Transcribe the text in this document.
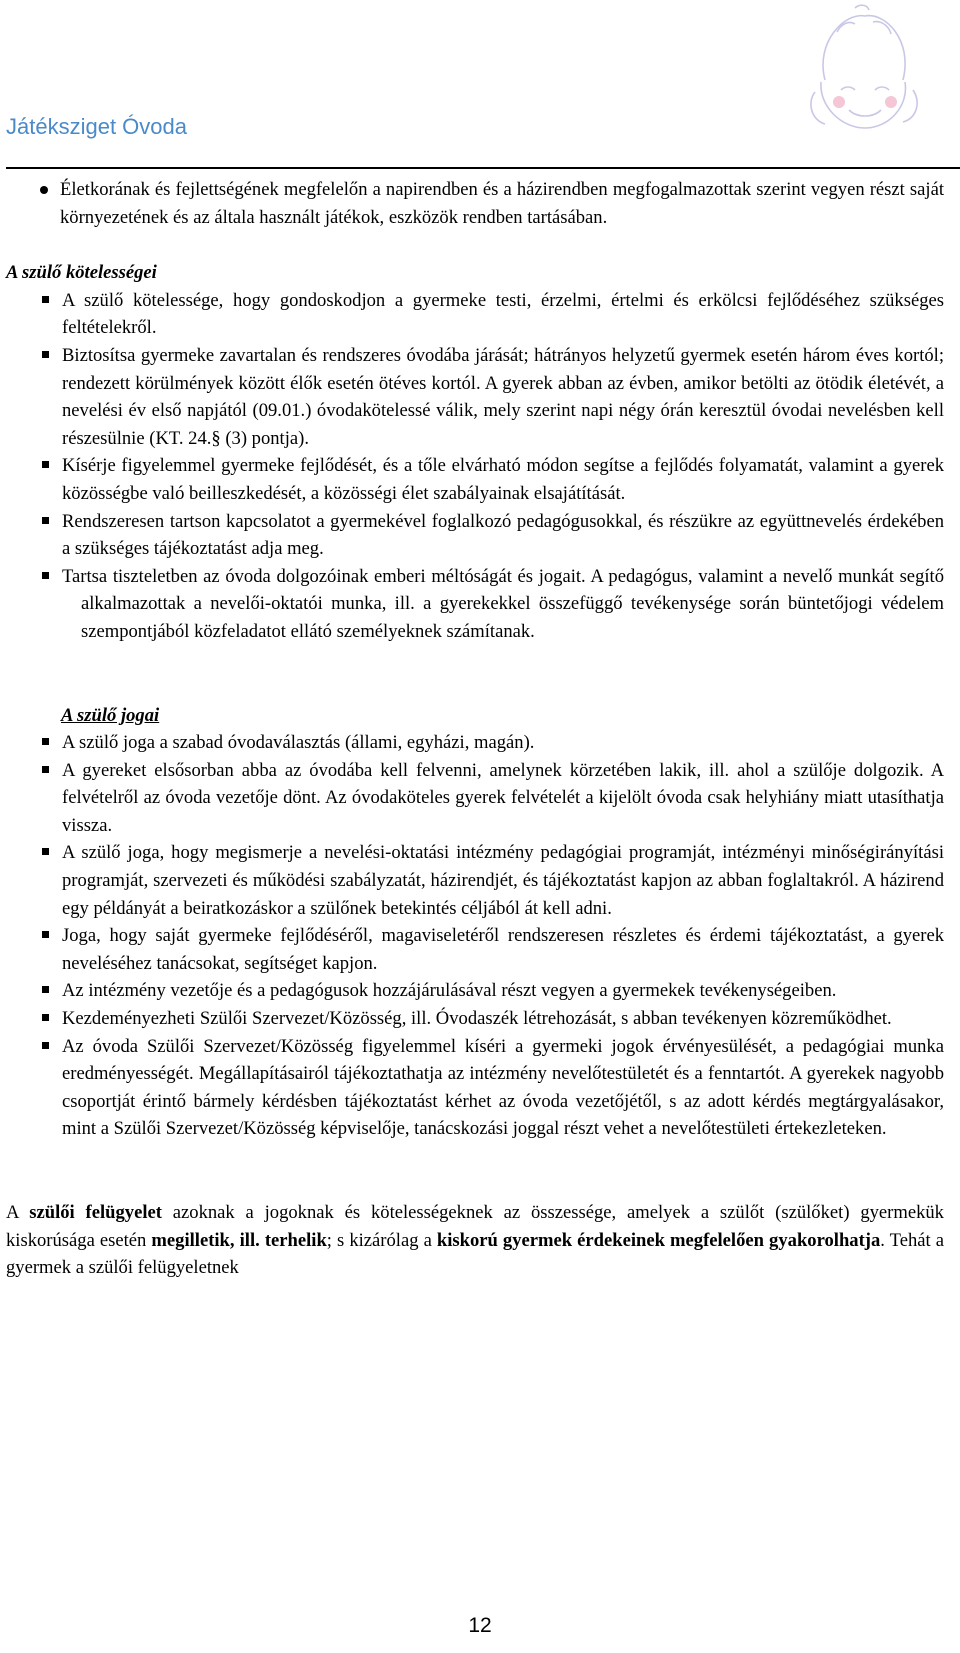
Játéksziget Óvoda

Életkorának és fejlettségének megfelelőn a napirendben és a házirendben megfogalmazottak szerint vegyen részt saját környezetének és az általa használt játékok, eszközök rendben tartásában.

A szülő kötelességei

A szülő kötelessége, hogy gondoskodjon a gyermeke testi, érzelmi, értelmi és erkölcsi fejlődéséhez szükséges feltételekről.

Biztosítsa gyermeke zavartalan és rendszeres óvodába járását; hátrányos helyzetű gyermek esetén három éves kortól; rendezett körülmények között élők esetén ötéves kortól. A gyerek abban az évben, amikor betölti az ötödik életévét, a nevelési év első napjától (09.01.) óvodakötelessé válik, mely szerint napi négy órán keresztül óvodai nevelésben kell részesülnie (KT. 24.§ (3) pontja).

Kísérje figyelemmel gyermeke fejlődését, és a tőle elvárható módon segítse a fejlődés folyamatát, valamint a gyerek közösségbe való beilleszkedését, a közösségi élet szabályainak elsajátítását.

Rendszeresen tartson kapcsolatot a gyermekével foglalkozó pedagógusokkal, és részükre az együttnevelés érdekében a szükséges tájékoztatást adja meg.

Tartsa tiszteletben az óvoda dolgozóinak emberi méltóságát és jogait. A pedagógus, valamint a nevelő munkát segítő alkalmazottak a nevelői-oktatói munka, ill. a gyerekekkel összefüggő tevékenysége során büntetőjogi védelem szempontjából közfeladatot ellátó személyeknek számítanak.

A szülő jogai

A szülő joga a szabad óvodaválasztás (állami, egyházi, magán).

A gyereket elsősorban abba az óvodába kell felvenni, amelynek körzetében lakik, ill. ahol a szülője dolgozik. A felvételről az óvoda vezetője dönt. Az óvodaköteles gyerek felvételét a kijelölt óvoda csak helyhiány miatt utasíthatja vissza.

A szülő joga, hogy megismerje a nevelési-oktatási intézmény pedagógiai programját, intézményi minőségirányítási programját, szervezeti és működési szabályzatát, házirendjét, és tájékoztatást kapjon az abban foglaltakról. A házirend egy példányát a beiratkozáskor a szülőnek betekintés céljából át kell adni.

Joga, hogy saját gyermeke fejlődéséről, magaviseletéről rendszeresen részletes és érdemi tájékoztatást, a gyerek neveléséhez tanácsokat, segítséget kapjon.

Az intézmény vezetője és a pedagógusok hozzájárulásával részt vegyen a gyermekek tevékenységeiben.

Kezdeményezheti Szülői Szervezet/Közösség, ill. Óvodaszék létrehozását, s abban tevékenyen közreműködhet.

Az óvoda Szülői Szervezet/Közösség figyelemmel kíséri a gyermeki jogok érvényesülését, a pedagógiai munka eredményességét. Megállapításairól tájékoztathatja az intézmény nevelőtestületét és a fenntartót. A gyerekek nagyobb csoportját érintő bármely kérdésben tájékoztatást kérhet az óvoda vezetőjétől, s az adott kérdés megtárgyalásakor, mint a Szülői Szervezet/Közösség képviselője, tanácskozási joggal részt vehet a nevelőtestületi értekezleteken.

A szülői felügyelet azoknak a jogoknak és kötelességeknek az összessége, amelyek a szülőt (szülőket) gyermekük kiskorúsága esetén megilletik, ill. terhelik; s kizárólag a kiskorú gyermek érdekeinek megfelelően gyakorolhatja. Tehát a gyermek a szülői felügyeletnek

12
